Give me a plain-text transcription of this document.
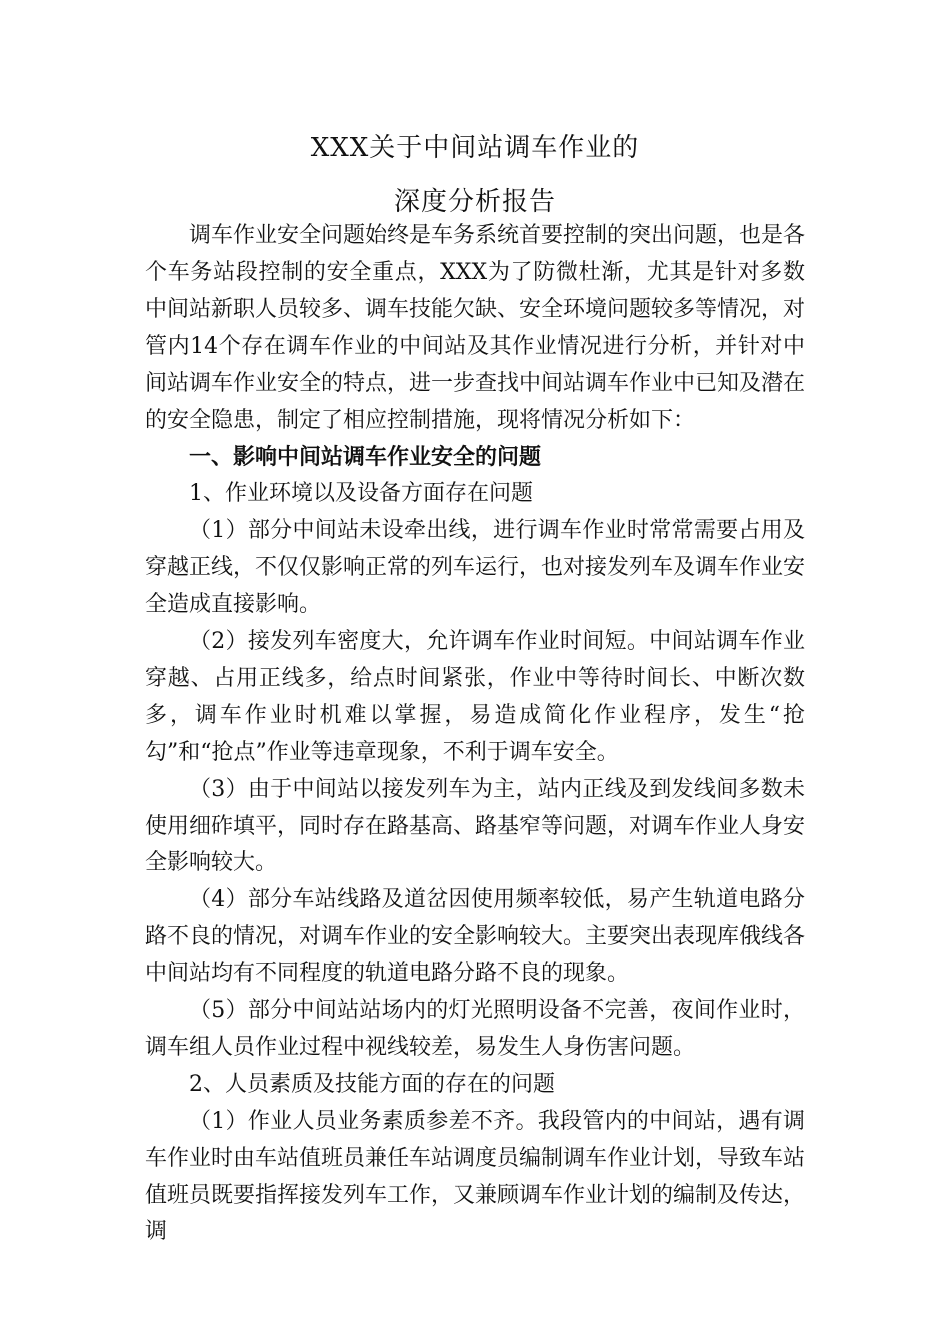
XXX关于中间站调车作业的
深度分析报告

调车作业安全问题始终是车务系统首要控制的突出问题，也是各个车务站段控制的安全重点，XXX为了防微杜渐，尤其是针对多数中间站新职人员较多、调车技能欠缺、安全环境问题较多等情况，对管内14个存在调车作业的中间站及其作业情况进行分析，并针对中间站调车作业安全的特点，进一步查找中间站调车作业中已知及潜在的安全隐患，制定了相应控制措施，现将情况分析如下：

一、影响中间站调车作业安全的问题

1、作业环境以及设备方面存在问题

（1）部分中间站未设牵出线，进行调车作业时常常需要占用及穿越正线，不仅仅影响正常的列车运行，也对接发列车及调车作业安全造成直接影响。

（2）接发列车密度大，允许调车作业时间短。中间站调车作业穿越、占用正线多，给点时间紧张，作业中等待时间长、中断次数多，调车作业时机难以掌握，易造成简化作业程序，发生“抢勾”和“抢点”作业等违章现象，不利于调车安全。

（3）由于中间站以接发列车为主，站内正线及到发线间多数未使用细砟填平，同时存在路基高、路基窄等问题，对调车作业人身安全影响较大。

（4）部分车站线路及道岔因使用频率较低，易产生轨道电路分路不良的情况，对调车作业的安全影响较大。主要突出表现库俄线各中间站均有不同程度的轨道电路分路不良的现象。

（5）部分中间站站场内的灯光照明设备不完善，夜间作业时，调车组人员作业过程中视线较差，易发生人身伤害问题。

2、人员素质及技能方面的存在的问题

（1）作业人员业务素质参差不齐。我段管内的中间站，遇有调车作业时由车站值班员兼任车站调度员编制调车作业计划，导致车站值班员既要指挥接发列车工作，又兼顾调车作业计划的编制及传达，调
